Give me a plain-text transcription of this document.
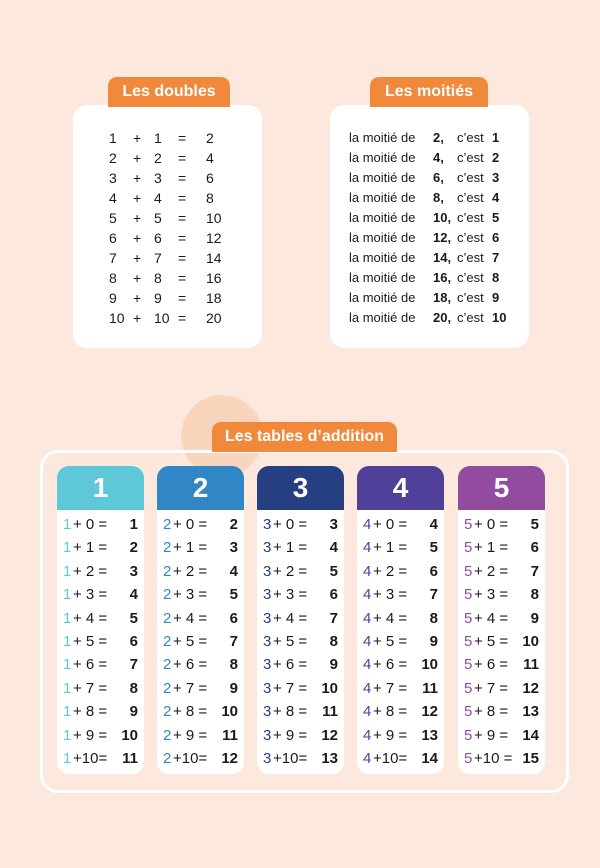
1 + 1 = 2
2 + 2 = 4
3 + 3 = 6
4 + 4 = 8
5 + 5 = 10
6 + 6 = 12
7 + 7 = 14
8 + 8 = 16
9 + 9 = 18
10 + 10 = 20
Les doubles
la moitié de 2, c’est 1
la moitié de 4, c’est 2
la moitié de 6, c’est 3
la moitié de 8, c’est 4
la moitié de 10, c’est 5
la moitié de 12, c’est 6
la moitié de 14, c’est 7
la moitié de 16, c’est 8
la moitié de 18, c’est 9
la moitié de 20, c’est 10
Les moitiés
Les tables d’addition
1
1 + 0 = 1
1 + 1 = 2
1 + 2 = 3
1 + 3 = 4
1 + 4 = 5
1 + 5 = 6
1 + 6 = 7
1 + 7 = 8
1 + 8 = 9
1 + 9 = 10
1 +10= 11
2
2 + 0 = 2
2 + 1 = 3
2 + 2 = 4
2 + 3 = 5
2 + 4 = 6
2 + 5 = 7
2 + 6 = 8
2 + 7 = 9
2 + 8 = 10
2 + 9 = 11
2 +10= 12
3
3 + 0 = 3
3 + 1 = 4
3 + 2 = 5
3 + 3 = 6
3 + 4 = 7
3 + 5 = 8
3 + 6 = 9
3 + 7 = 10
3 + 8 = 11
3 + 9 = 12
3 +10= 13
4
4 + 0 = 4
4 + 1 = 5
4 + 2 = 6
4 + 3 = 7
4 + 4 = 8
4 + 5 = 9
4 + 6 = 10
4 + 7 = 11
4 + 8 = 12
4 + 9 = 13
4 +10= 14
5
5 + 0 = 5
5 + 1 = 6
5 + 2 = 7
5 + 3 = 8
5 + 4 = 9
5 + 5 = 10
5 + 6 = 11
5 + 7 = 12
5 + 8 = 13
5 + 9 = 14
5 +10 = 15
